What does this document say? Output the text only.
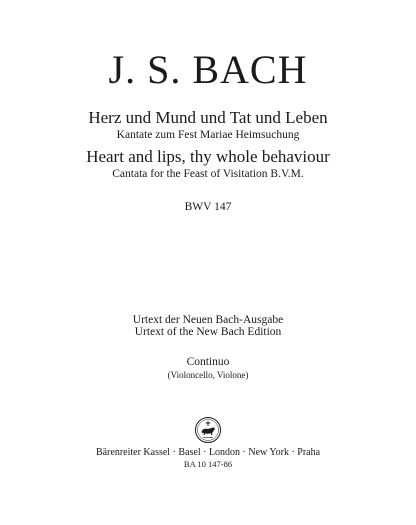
J. S. BACH

Herz und Mund und Tat und Leben

Kantate zum Fest Mariae Heimsuchung

Heart and lips, thy whole behaviour

Cantata for the Feast of Visitation B.V.M.

BWV 147

Urtext der Neuen Bach-Ausgabe

Urtext of the New Bach Edition

Continuo

(Violoncello, Violone)

Bärenreiter Kassel · Basel · London · New York · Praha

BA 10 147-86
